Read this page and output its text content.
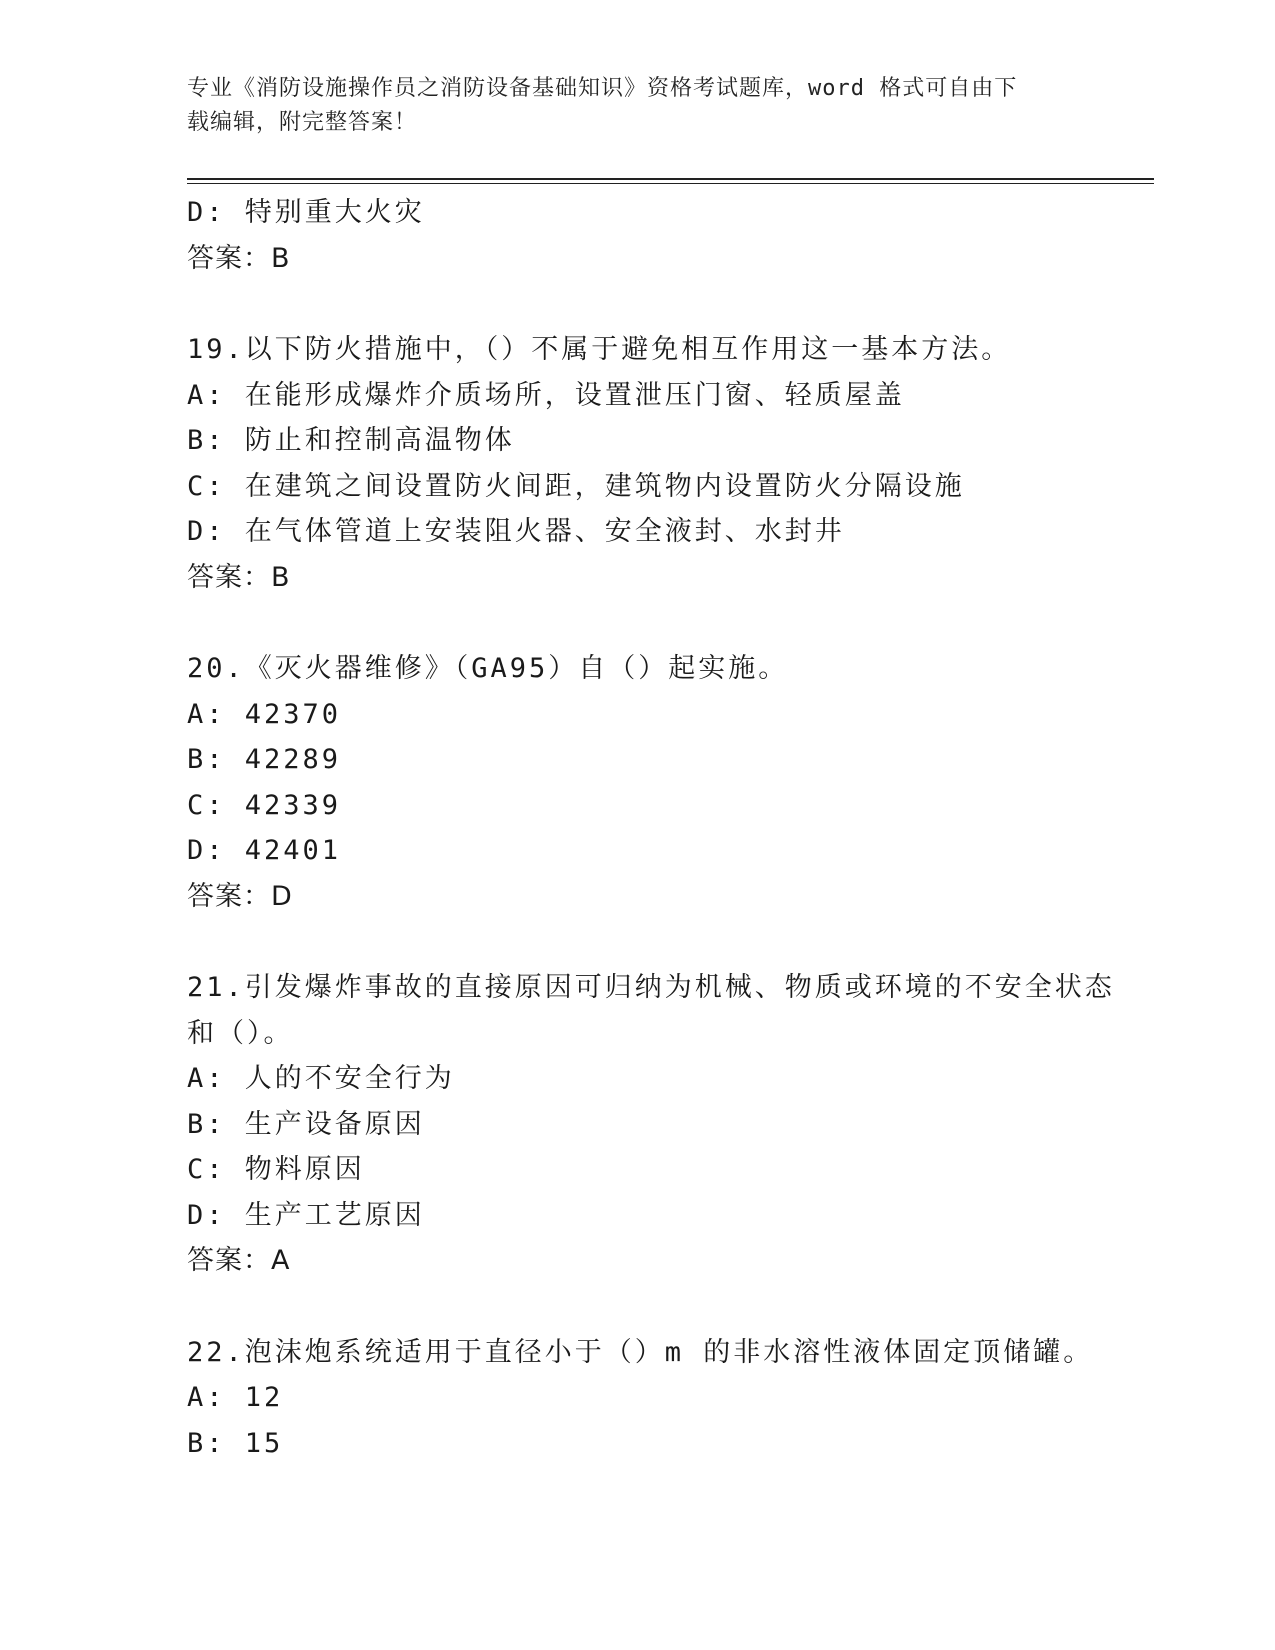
专业《消防设施操作员之消防设备基础知识》资格考试题库，word 格式可自由下
载编辑，附完整答案！
D: 特别重大火灾
答案：B
19.以下防火措施中，（）不属于避免相互作用这一基本方法。
A: 在能形成爆炸介质场所，设置泄压门窗、轻质屋盖
B: 防止和控制高温物体
C: 在建筑之间设置防火间距，建筑物内设置防火分隔设施
D: 在气体管道上安装阻火器、安全液封、水封井
答案：B
20.《灭火器维修》（GA95）自（）起实施。
A: 42370
B: 42289
C: 42339
D: 42401
答案：D
21.引发爆炸事故的直接原因可归纳为机械、物质或环境的不安全状态
和（）。
A: 人的不安全行为
B: 生产设备原因
C: 物料原因
D: 生产工艺原因
答案：A
22.泡沫炮系统适用于直径小于（）m 的非水溶性液体固定顶储罐。
A: 12
B: 15
